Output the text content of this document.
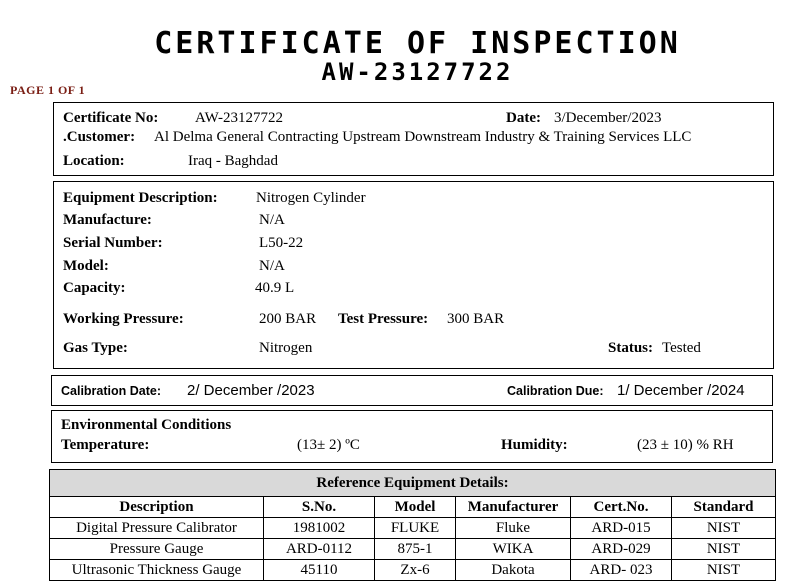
CERTIFICATE OF INSPECTION
AW-23127722
PAGE 1 OF 1
Certificate No: AW-23127722	Date: 3/December/2023
.Customer: Al Delma General Contracting Upstream Downstream Industry & Training Services LLC
Location:	Iraq - Baghdad
Equipment Description:	Nitrogen Cylinder
Manufacture:	N/A
Serial Number:	L50-22
Model:	N/A
Capacity:	40.9 L
Working Pressure:	200 BAR Test Pressure: 300 BAR
Gas Type:	Nitrogen	Status: Tested
Calibration Date: 2/ December /2023	Calibration Due: 1/ December /2024
Environmental Conditions
Temperature:	(13± 2) ºC	Humidity:	(23 ± 10) % RH
Reference Equipment Details:					
Description	S.No.	Model	Manufacturer	Cert.No.	Standard
Digital Pressure Calibrator	1981002	FLUKE	Fluke	ARD-015	NIST
Pressure Gauge	ARD-0112	875-1	WIKA	ARD-029	NIST
Ultrasonic Thickness Gauge	45110	Zx-6	Dakota	ARD- 023	NIST
